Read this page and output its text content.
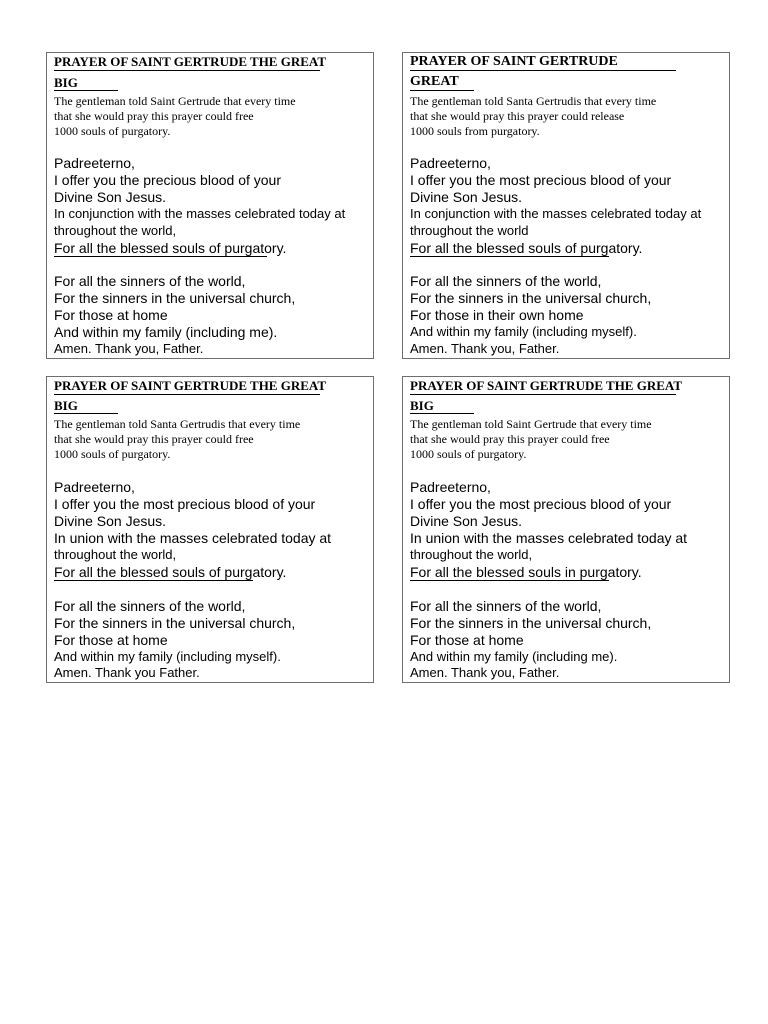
PRAYER OF SAINT GERTRUDE THE GREAT
BIG
The gentleman told Saint Gertrude that every time
that she would pray this prayer could free
1000 souls of purgatory.
Padreeterno,
I offer you the precious blood of your
Divine Son Jesus.
In conjunction with the masses celebrated today at
throughout the world,
For all the blessed souls of purgatory.
For all the sinners of the world,
For the sinners in the universal church,
For those at home
And within my family (including me).
Amen. Thank you, Father.
PRAYER OF SAINT GERTRUDE
GREAT
The gentleman told Santa Gertrudis that every time
that she would pray this prayer could release
1000 souls from purgatory.
Padreeterno,
I offer you the most precious blood of your
Divine Son Jesus.
In conjunction with the masses celebrated today at
throughout the world
For all the blessed souls of purgatory.
For all the sinners of the world,
For the sinners in the universal church,
For those in their own home
And within my family (including myself).
Amen. Thank you, Father.
PRAYER OF SAINT GERTRUDE THE GREAT
BIG
The gentleman told Santa Gertrudis that every time
that she would pray this prayer could free
1000 souls of purgatory.
Padreeterno,
I offer you the most precious blood of your
Divine Son Jesus.
In union with the masses celebrated today at
throughout the world,
For all the blessed souls of purgatory.
For all the sinners of the world,
For the sinners in the universal church,
For those at home
And within my family (including myself).
Amen. Thank you Father.
PRAYER OF SAINT GERTRUDE THE GREAT
BIG
The gentleman told Saint Gertrude that every time
that she would pray this prayer could free
1000 souls of purgatory.
Padreeterno,
I offer you the most precious blood of your
Divine Son Jesus.
In union with the masses celebrated today at
throughout the world,
For all the blessed souls in purgatory.
For all the sinners of the world,
For the sinners in the universal church,
For those at home
And within my family (including me).
Amen. Thank you, Father.
